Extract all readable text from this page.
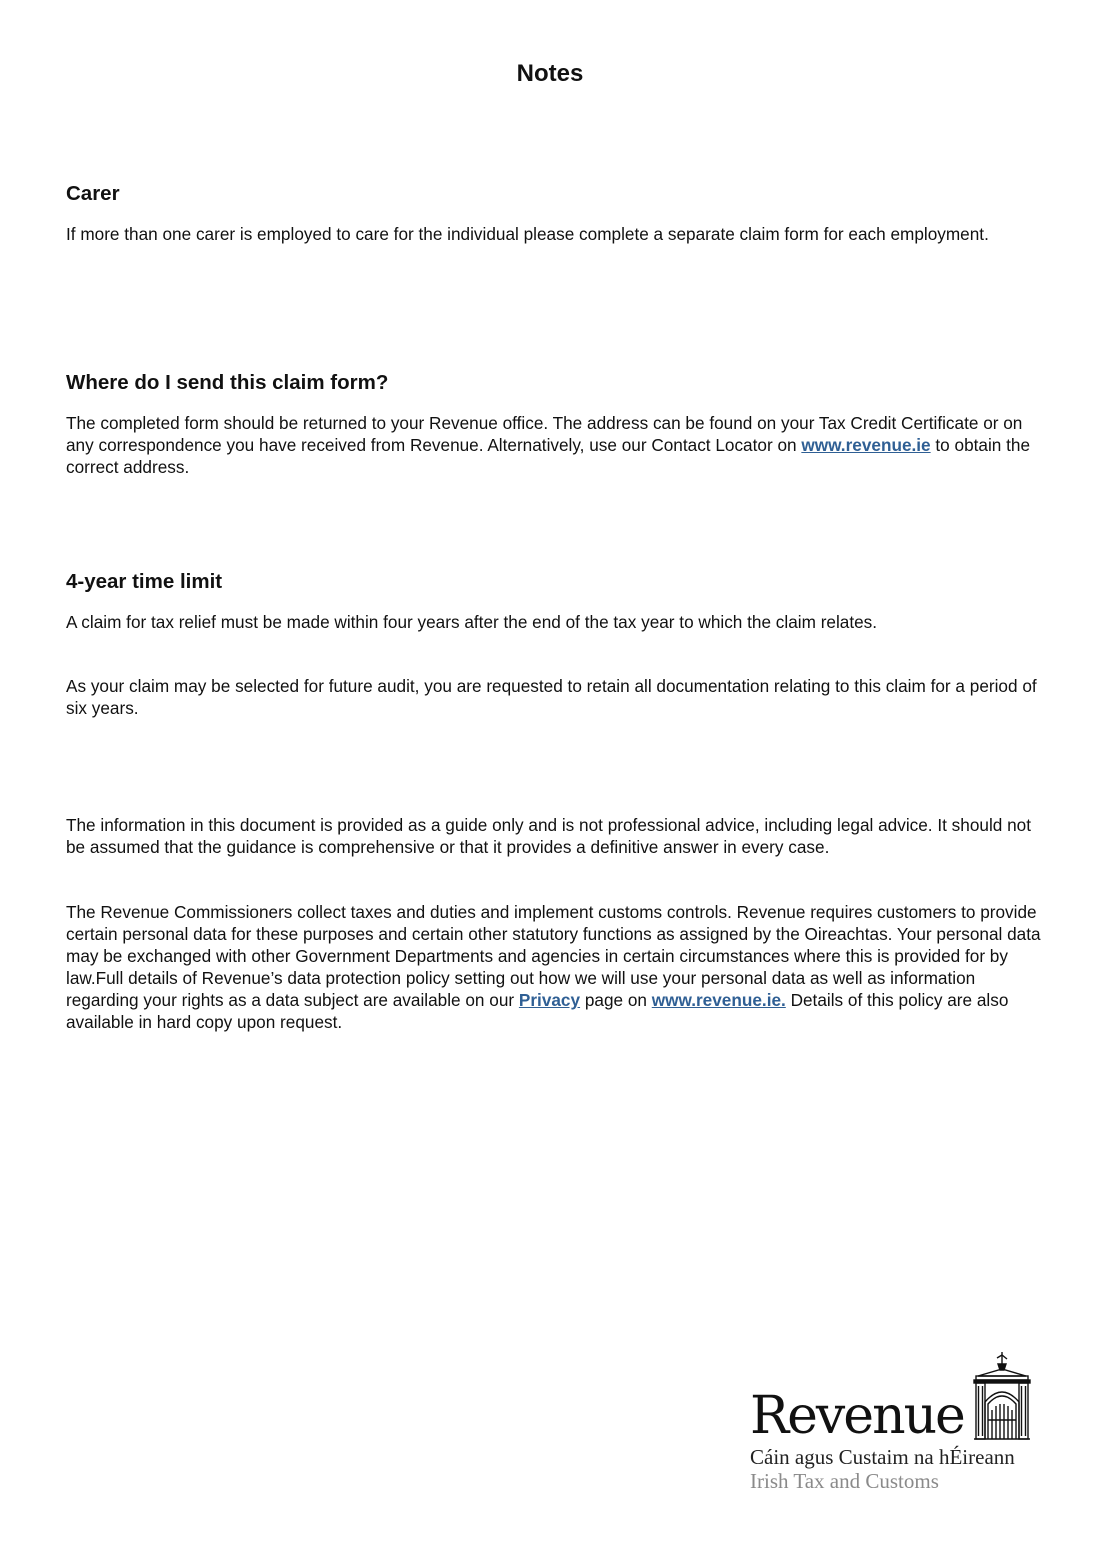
Notes
Carer

If more than one carer is employed to care for the individual please complete a separate claim form for each employment.

Where do I send this claim form?

The completed form should be returned to your Revenue office. The address can be found on your Tax Credit Certificate or on any correspondence you have received from Revenue. Alternatively, use our Contact Locator on www.revenue.ie to obtain the correct address.

4-year time limit

A claim for tax relief must be made within four years after the end of the tax year to which the claim relates.

As your claim may be selected for future audit, you are requested to retain all documentation relating to this claim for a period of six years.

The information in this document is provided as a guide only and is not professional advice, including legal advice. It should not be assumed that the guidance is comprehensive or that it provides a definitive answer in every case.

The Revenue Commissioners collect taxes and duties and implement customs controls. Revenue requires customers to provide certain personal data for these purposes and certain other statutory functions as assigned by the Oireachtas. Your personal data may be exchanged with other Government Departments and agencies in certain circumstances where this is provided for by law.Full details of Revenue’s data protection policy setting out how we will use your personal data as well as information regarding your rights as a data subject are available on our Privacy page on www.revenue.ie. Details of this policy are also available in hard copy upon request.

Revenue

Cáin agus Custaim na hÉireann

Irish Tax and Customs
